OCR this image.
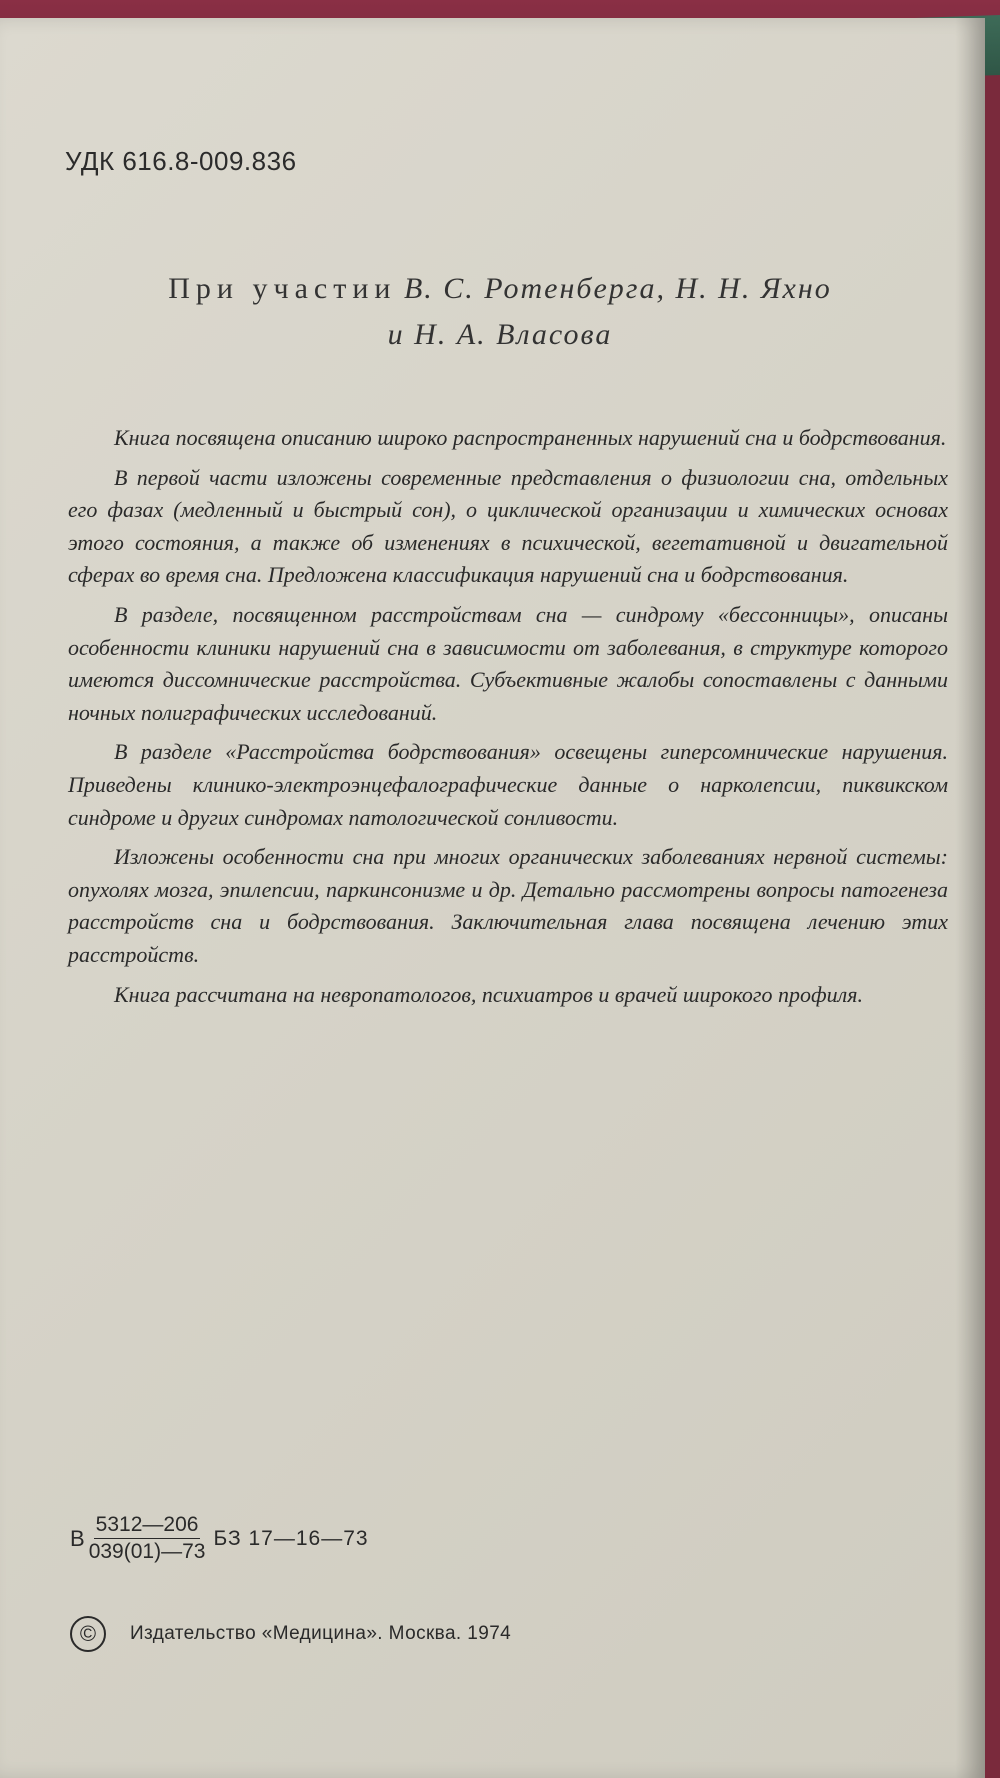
УДК 616.8-009.836
При участии В. С. Ротенберга, Н. Н. Яхно
и Н. А. Власова

Книга посвящена описанию широко распространенных нарушений сна и бодрствования.

В первой части изложены современные представления о физиологии сна, отдельных его фазах (медленный и быстрый сон), о циклической организации и химических основах этого состояния, а также об изменениях в психической, вегетативной и двигательной сферах во время сна. Предложена классификация нарушений сна и бодрствования.

В разделе, посвященном расстройствам сна — синдрому «бессонницы», описаны особенности клиники нарушений сна в зависимости от заболевания, в структуре которого имеются диссомнические расстройства. Субъективные жалобы сопоставлены с данными ночных полиграфических исследований.

В разделе «Расстройства бодрствования» освещены гиперсомнические нарушения. Приведены клинико-электроэнцефалографические данные о нарколепсии, пиквикском синдроме и других синдромах патологической сонливости.

Изложены особенности сна при многих органических заболеваниях нервной системы: опухолях мозга, эпилепсии, паркинсонизме и др. Детально рассмотрены вопросы патогенеза расстройств сна и бодрствования. Заключительная глава посвящена лечению этих расстройств.

Книга рассчитана на невропатологов, психиатров и врачей широкого профиля.

В $\frac{5312—206}{039(01)—73}$ БЗ 17—16—73
©	Издательство «Медицина». Москва. 1974
